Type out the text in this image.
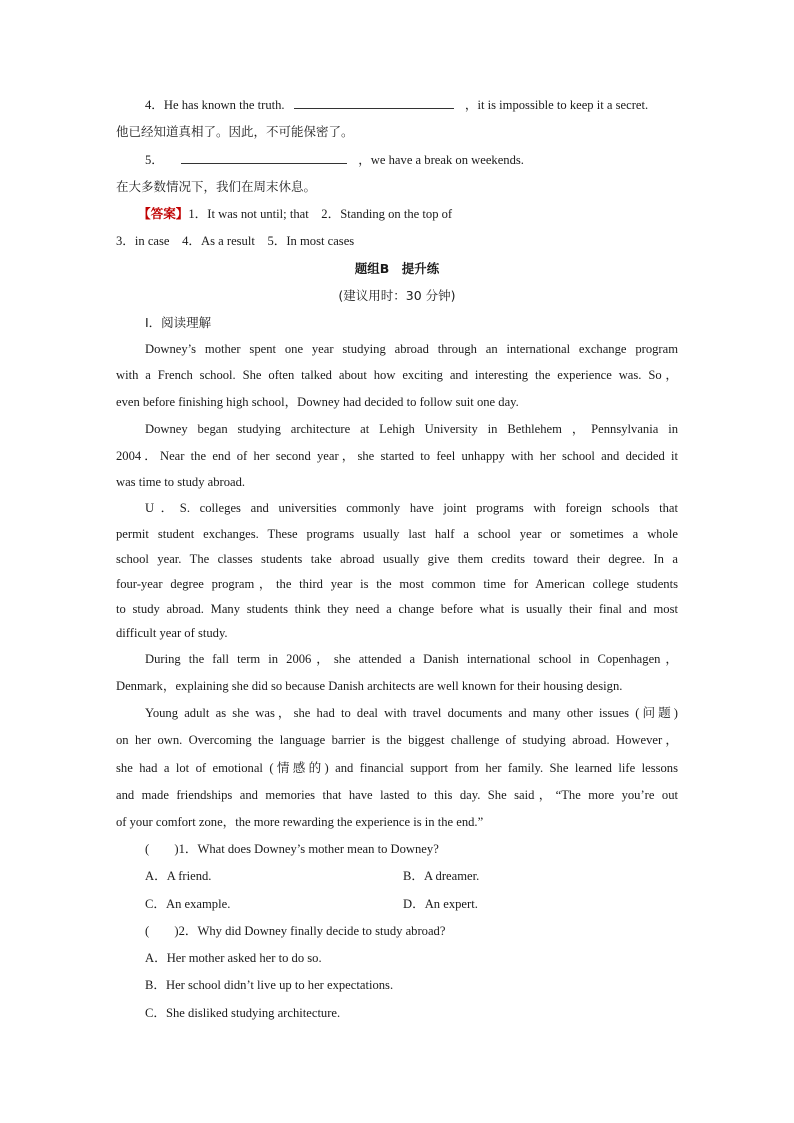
4．He has known the truth.	，it is impossible to keep it a secret.
他已经知道真相了。因此，不可能保密了。
5．	，we have a break on weekends.
在大多数情况下，我们在周末休息。
【答案】1．It was not until; that　2．Standing on the top of
3．in case　4．As a result　5．In most cases
题组B　提升练
(建议用时：30 分钟)
Ⅰ．阅读理解
Downey’s mother spent one year studying abroad through an international exchange program
with a French school. She often talked about how exciting and interesting the experience was. So，
even before finishing high school，Downey had decided to follow suit one day.
Downey began studying architecture at Lehigh University in Bethlehem ，Pennsylvania in
2004．Near the end of her second year，she started to feel unhappy with her school and decided it
was time to study abroad.
U．S. colleges and universities commonly have joint programs with foreign schools that
permit student exchanges. These programs usually last half a school year or sometimes a whole
school year. The classes students take abroad usually give them credits toward their degree. In a
four-year degree program，the third year is the most common time for American college students
to study abroad. Many students think they need a change before what is usually their final and most
difficult year of study.
During the fall term in 2006，she attended a Danish international school in Copenhagen，
Denmark，explaining she did so because Danish architects are well known for their housing design.
Young adult as she was，she had to deal with travel documents and many other issues (问题)
on her own. Overcoming the language barrier is the biggest challenge of studying abroad. However，
she had a lot of emotional (情感的) and financial support from her family. She learned life lessons
and made friendships and memories that have lasted to this day. She said，“The more you’re out
of your comfort zone，the more rewarding the experience is in the end.”
(　　)1．What does Downey’s mother mean to Downey?
A．A friend.	B．A dreamer.
C．An example.	D．An expert.
(　　)2．Why did Downey finally decide to study abroad?
A．Her mother asked her to do so.
B．Her school didn’t live up to her expectations.
C．She disliked studying architecture.
